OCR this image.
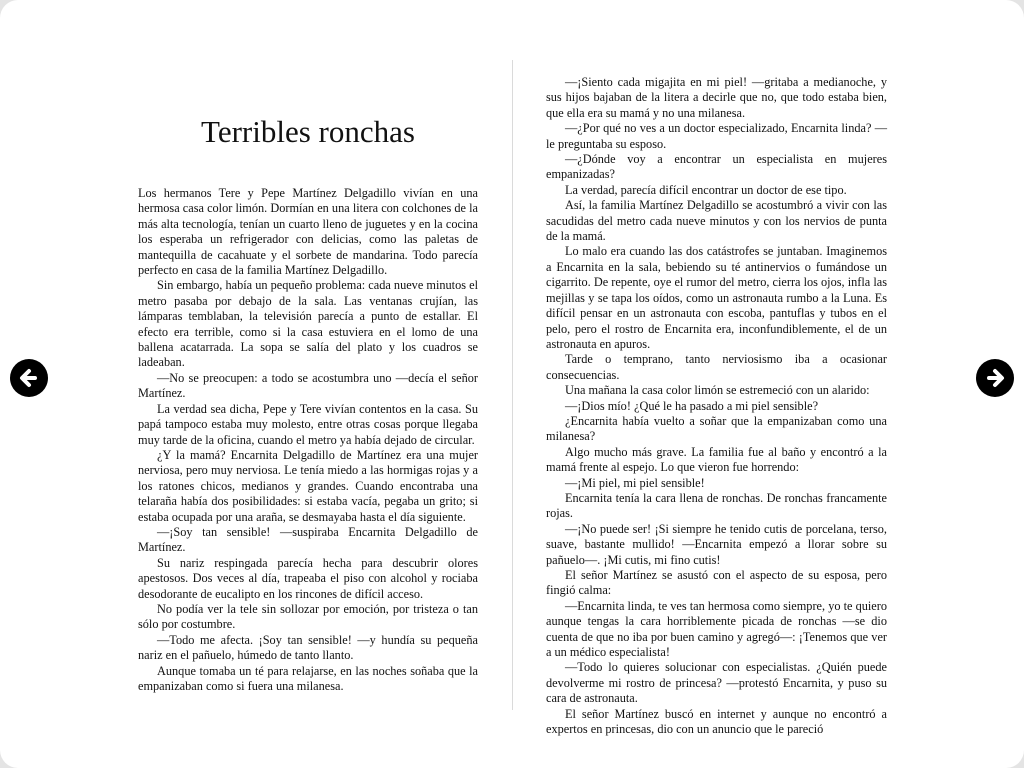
Terribles ronchas

Los hermanos Tere y Pepe Martínez Delgadillo vivían en una hermosa casa color limón. Dormían en una litera con colchones de la más alta tecnología, tenían un cuarto lleno de juguetes y en la cocina los esperaba un refrigerador con delicias, como las paletas de mantequilla de cacahuate y el sorbete de mandarina. Todo parecía perfecto en casa de la familia Martínez Delgadillo.

Sin embargo, había un pequeño problema: cada nueve minutos el metro pasaba por debajo de la sala. Las ventanas crujían, las lámparas temblaban, la televisión parecía a punto de estallar. El efecto era terrible, como si la casa estuviera en el lomo de una ballena acatarrada. La sopa se salía del plato y los cuadros se ladeaban.

—No se preocupen: a todo se acostumbra uno —decía el señor Martínez.

La verdad sea dicha, Pepe y Tere vivían contentos en la casa. Su papá tampoco estaba muy molesto, entre otras cosas porque llegaba muy tarde de la oficina, cuando el metro ya había dejado de circular.

¿Y la mamá? Encarnita Delgadillo de Martínez era una mujer nerviosa, pero muy nerviosa. Le tenía miedo a las hormigas rojas y a los ratones chicos, medianos y grandes. Cuando encontraba una telaraña había dos posibilidades: si estaba vacía, pegaba un grito; si estaba ocupada por una araña, se desmayaba hasta el día siguiente.

—¡Soy tan sensible! —suspiraba Encarnita Delgadillo de Martínez.

Su nariz respingada parecía hecha para descubrir olores apestosos. Dos veces al día, trapeaba el piso con alcohol y rociaba desodorante de eucalipto en los rincones de difícil acceso.

No podía ver la tele sin sollozar por emoción, por tristeza o tan sólo por costumbre.

—Todo me afecta. ¡Soy tan sensible! —y hundía su pequeña nariz en el pañuelo, húmedo de tanto llanto.

Aunque tomaba un té para relajarse, en las noches soñaba que la empanizaban como si fuera una milanesa.

—¡Siento cada migajita en mi piel! —gritaba a medianoche, y sus hijos bajaban de la litera a decirle que no, que todo estaba bien, que ella era su mamá y no una milanesa.

—¿Por qué no ves a un doctor especializado, Encarnita linda? —le preguntaba su esposo.

—¿Dónde voy a encontrar un especialista en mujeres empanizadas?

La verdad, parecía difícil encontrar un doctor de ese tipo.

Así, la familia Martínez Delgadillo se acostumbró a vivir con las sacudidas del metro cada nueve minutos y con los nervios de punta de la mamá.

Lo malo era cuando las dos catástrofes se juntaban. Imaginemos a Encarnita en la sala, bebiendo su té antinervios o fumándose un cigarrito. De repente, oye el rumor del metro, cierra los ojos, infla las mejillas y se tapa los oídos, como un astronauta rumbo a la Luna. Es difícil pensar en un astronauta con escoba, pantuflas y tubos en el pelo, pero el rostro de Encarnita era, inconfundiblemente, el de un astronauta en apuros.

Tarde o temprano, tanto nerviosismo iba a ocasionar consecuencias.

Una mañana la casa color limón se estremeció con un alarido:

—¡Dios mío! ¿Qué le ha pasado a mi piel sensible?

¿Encarnita había vuelto a soñar que la empanizaban como una milanesa?

Algo mucho más grave. La familia fue al baño y encontró a la mamá frente al espejo. Lo que vieron fue horrendo:

—¡Mi piel, mi piel sensible!

Encarnita tenía la cara llena de ronchas. De ronchas francamente rojas.

—¡No puede ser! ¡Si siempre he tenido cutis de porcelana, terso, suave, bastante mullido! —Encarnita empezó a llorar sobre su pañuelo—. ¡Mi cutis, mi fino cutis!

El señor Martínez se asustó con el aspecto de su esposa, pero fingió calma:

—Encarnita linda, te ves tan hermosa como siempre, yo te quiero aunque tengas la cara horriblemente picada de ronchas —se dio cuenta de que no iba por buen camino y agregó—: ¡Tenemos que ver a un médico especialista!

—Todo lo quieres solucionar con especialistas. ¿Quién puede devolverme mi rostro de princesa? —protestó Encarnita, y puso su cara de astronauta.

El señor Martínez buscó en internet y aunque no encontró a expertos en princesas, dio con un anuncio que le pareció
